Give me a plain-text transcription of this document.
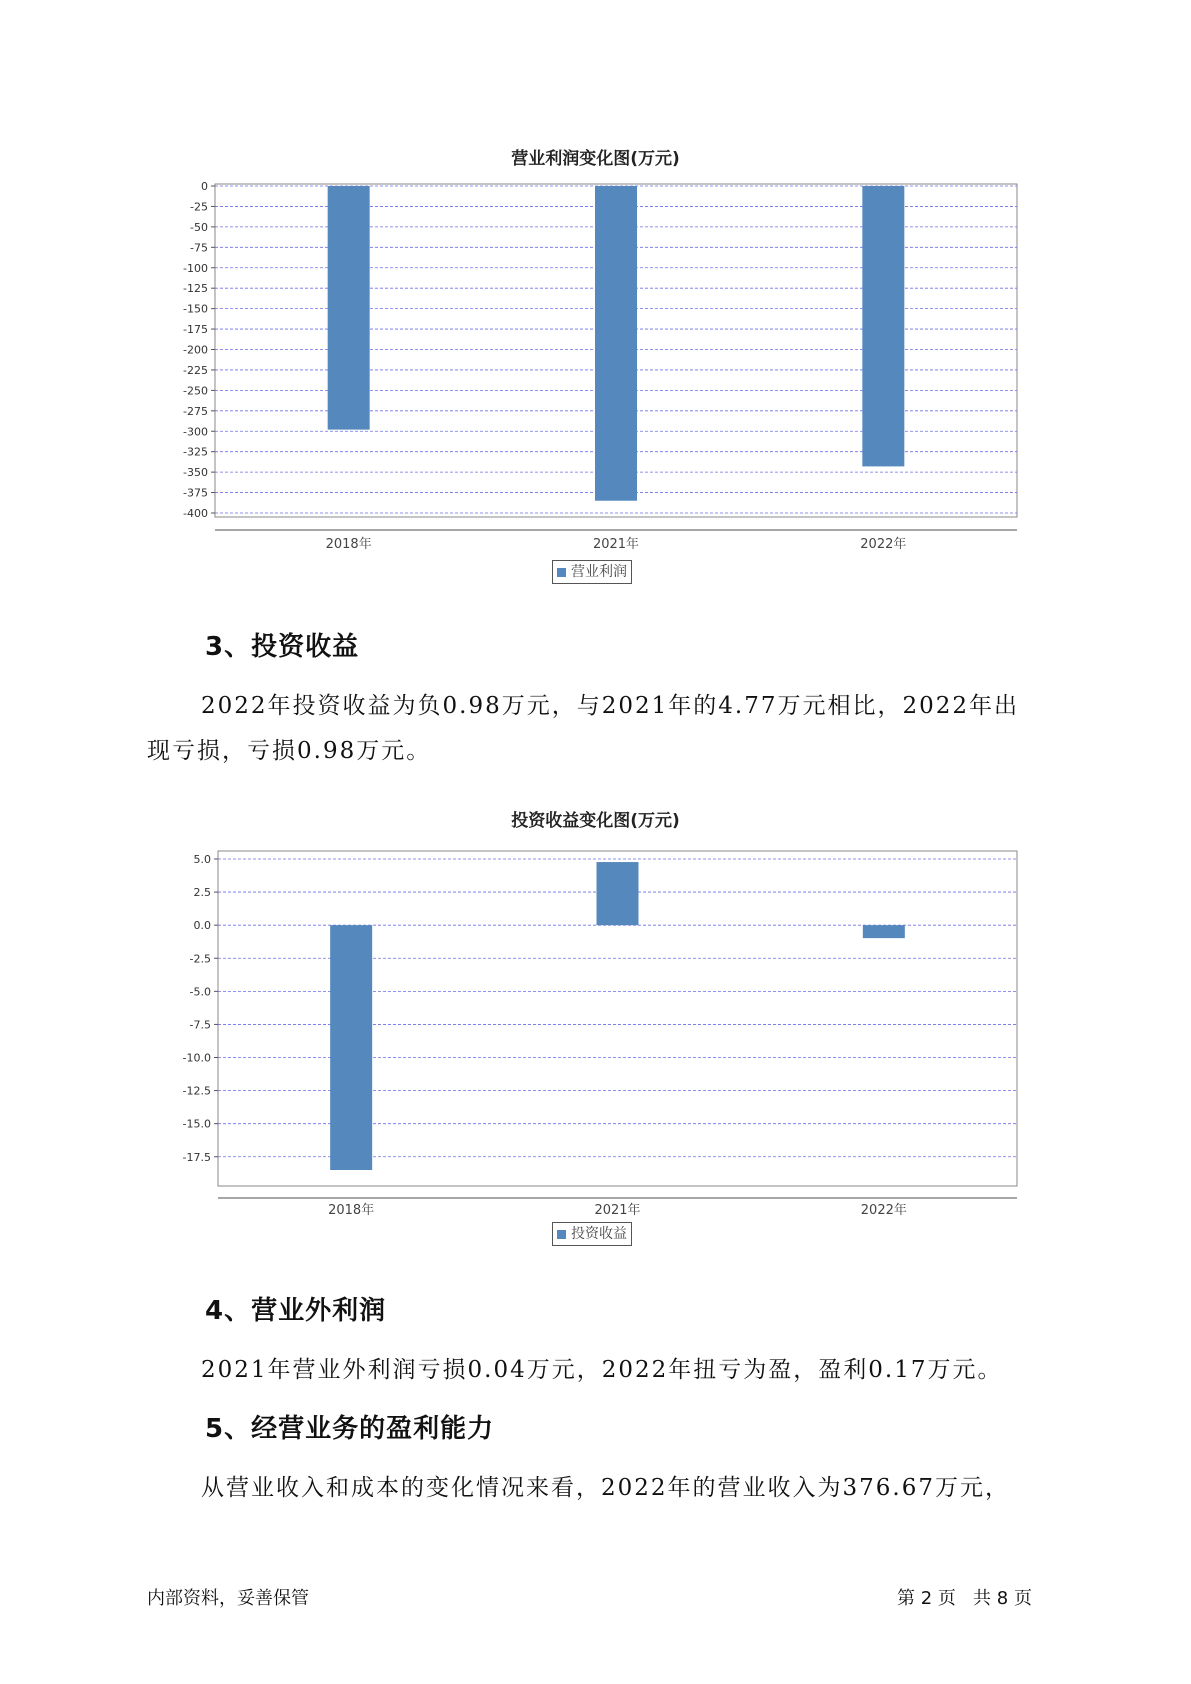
营业利润变化图(万元)
0
-25
-50
-75
-100
-125
-150
-175
-200
-225
-250
-275
-300
-325
-350
-375
-400
2018年	2021年	2022年
营业利润
3、投资收益

2022年投资收益为负0.98万元，与2021年的4.77万元相比，2022年出

现亏损，亏损0.98万元。

投资收益变化图(万元)
5.0
2.5
0.0
-2.5
-5.0
-7.5
-10.0
-12.5
-15.0
-17.5
2018年	2021年	2022年
投资收益
4、营业外利润

2021年营业外利润亏损0.04万元，2022年扭亏为盈，盈利0.17万元。

5、经营业务的盈利能力

从营业收入和成本的变化情况来看，2022年的营业收入为376.67万元，

内部资料，妥善保管	第 2 页   共 8 页
